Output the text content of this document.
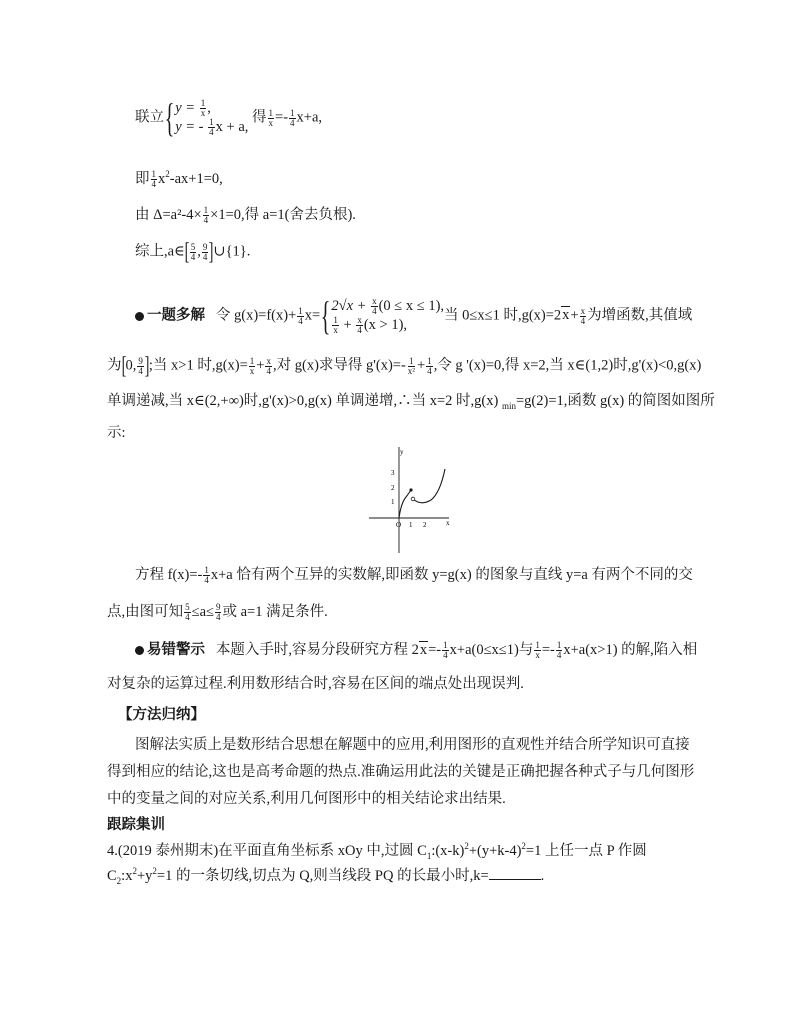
联立{ $y = \frac{1}{x}$ ,
y = - $\frac{1}{4}$ x + a,
得 $\frac{1}{x} =- \frac{1}{4} x+a$,
即 $\frac{1}{4} x^2-ax+1=0$,
由 $\Delta=a^2-4\times \frac{1}{4} \times 1=0$,得 a=1(舍去负根).
综上,a∈[ $\frac{5}{4}$ , $\frac{9}{4}$ ]∪{1}.
一题多解 令 $g(x)=f(x)+ \frac{1}{4} x=${ $2√x + \frac{x}{4} (0 \le x \le 1)$,
$\frac{1}{x} + \frac{x}{4} (x > 1)$,
当 0≤x≤1 时$,g(x)=2x+ \frac{x}{4}$ 为增函数,其值域
为[0, $\frac{9}{4}$ ];当 x>1 时$,g(x)= \frac{1}{x} + \frac{x}{4}$ ,对 g(x)求导得 $g'(x)=- \frac{1}{\text{x²}} + \frac{1}{4}$ ,令 g '(x)=0,得 x=2,当 x∈(1,2)时,g'(x)<0,g(x)
单调递减,当 x∈(2,+∞)时,g'(x)>0,g(x) 单调递增,∴当 x=2 时,g(x) $_{min}$=g(2)=1,函数 g(x) 的简图如图所
示:
y
x
3
2
1
O 1 2
方程 $f(x)=- \frac{1}{4} x+a$ 恰有两个互异的实数解,即函数 y=g(x) 的图象与直线 y=a 有两个不同的交
点,由图可知 $\frac{5}{4} \le a\le \frac{9}{4}$ 或 a=1 满足条件.
易错警示 本题入手时,容易分段研究方程 $2x=- \frac{1}{4} x+a(0\le x\le 1)$与 $\frac{1}{x} =- \frac{1}{4} x+a(x>1)$ 的解,陷入相
对复杂的运算过程.利用数形结合时,容易在区间的端点处出现误判.
【方法归纳】
图解法实质上是数形结合思想在解题中的应用,利用图形的直观性并结合所学知识可直接
得到相应的结论,这也是高考命题的热点.准确运用此法的关键是正确把握各种式子与几何图形
中的变量之间的对应关系,利用几何图形中的相关结论求出结果.
跟踪集训
4.(2019 泰州期末)在平面直角坐标系 xOy 中,过圆 $C_1:(x-k)^2+(y+k-4)^2=1$ 上任一点 P 作圆
$C_2:x^2+y^2=1$ 的一条切线,切点为 Q,则当线段 PQ 的长最小时,k=	.
